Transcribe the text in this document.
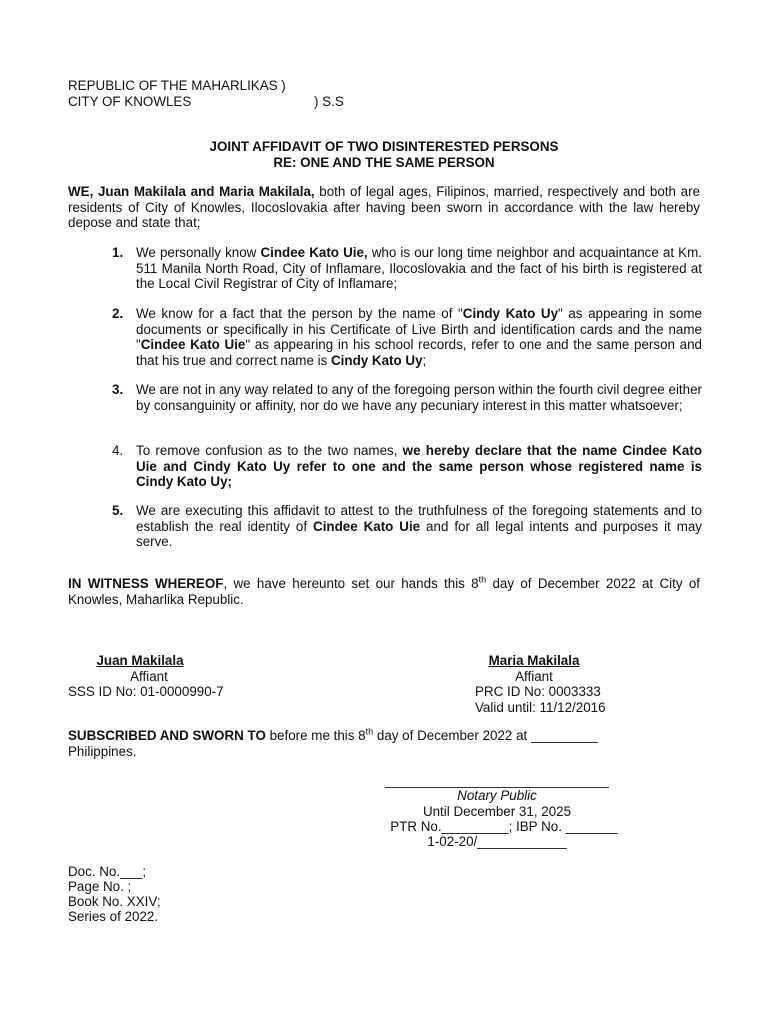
REPUBLIC OF THE MAHARLIKAS )
CITY OF KNOWLES	) S.S
JOINT AFFIDAVIT OF TWO DISINTERESTED PERSONS
RE: ONE AND THE SAME PERSON
WE, Juan Makilala and Maria Makilala, both of legal ages, Filipinos, married, respectively and both are residents of City of Knowles, Ilocoslovakia after having been sworn in accordance with the law hereby depose and state that;
1. We personally know Cindee Kato Uie, who is our long time neighbor and acquaintance at Km. 511 Manila North Road, City of Inflamare, Ilocoslovakia and the fact of his birth is registered at the Local Civil Registrar of City of Inflamare;
2. We know for a fact that the person by the name of "Cindy Kato Uy" as appearing in some documents or specifically in his Certificate of Live Birth and identification cards and the name "Cindee Kato Uie" as appearing in his school records, refer to one and the same person and that his true and correct name is Cindy Kato Uy;
3. We are not in any way related to any of the foregoing person within the fourth civil degree either by consanguinity or affinity, nor do we have any pecuniary interest in this matter whatsoever;
4. To remove confusion as to the two names, we hereby declare that the name Cindee Kato Uie and Cindy Kato Uy refer to one and the same person whose registered name is Cindy Kato Uy;
5. We are executing this affidavit to attest to the truthfulness of the foregoing statements and to establish the real identity of Cindee Kato Uie and for all legal intents and purposes it may serve.
IN WITNESS WHEREOF, we have hereunto set our hands this 8th day of December 2022 at City of Knowles, Maharlika Republic.
Juan Makilala
Affiant
SSS ID No: 01-0000990-7
Maria Makilala
Affiant
PRC ID No: 0003333
Valid until: 11/12/2016
SUBSCRIBED AND SWORN TO before me this 8th day of December 2022 at _________ Philippines.
______________________________
Notary Public
Until December 31, 2025
PTR No._________; IBP No. _______
1-02-20/____________
Doc. No.___;
Page No. ;
Book No. XXIV;
Series of 2022.
